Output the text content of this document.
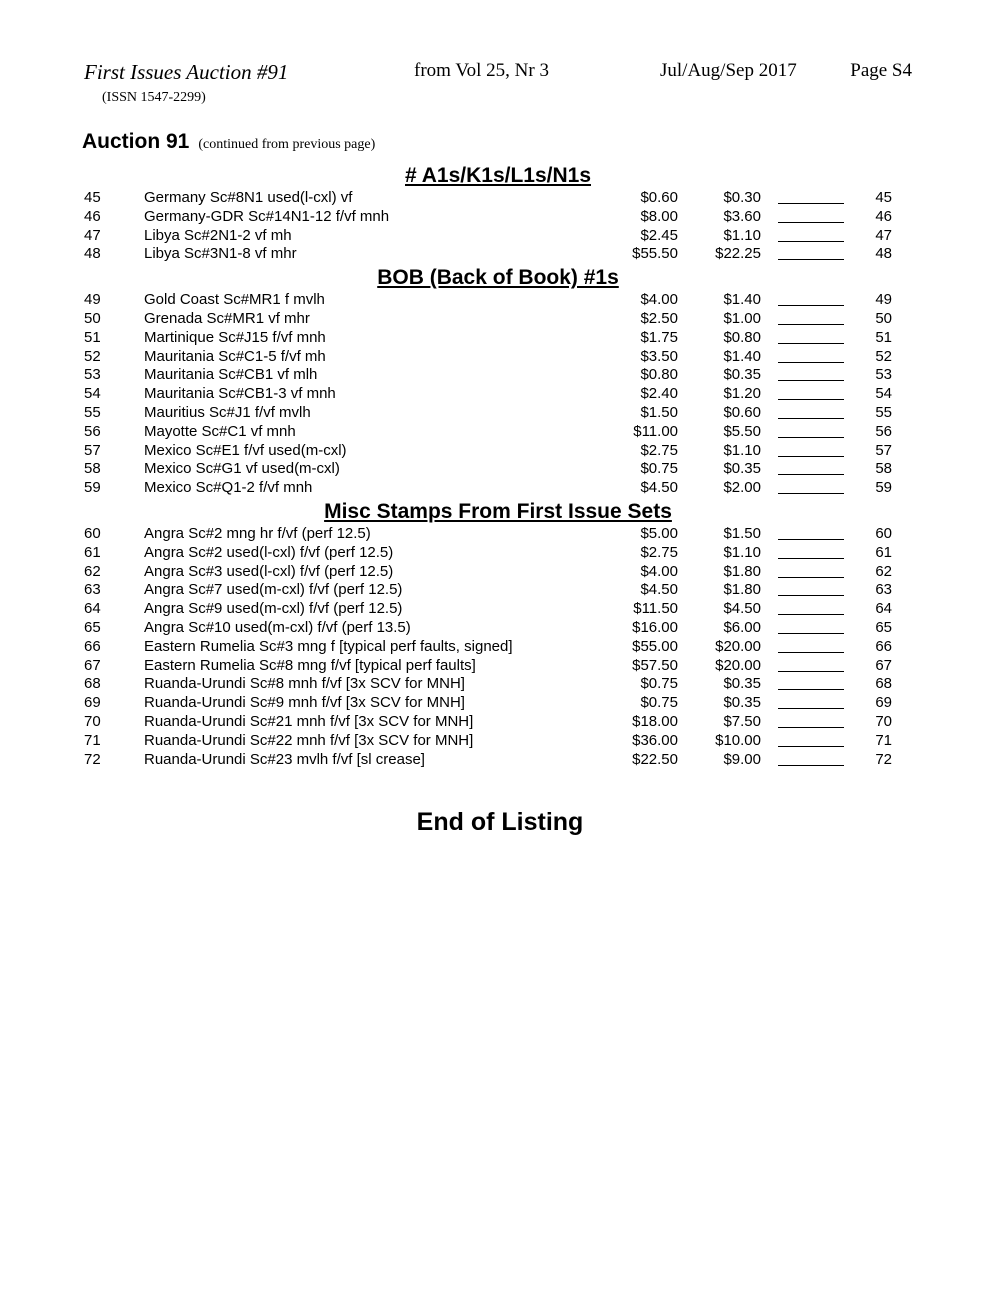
First Issues Auction #91	from Vol 25, Nr 3	Jul/Aug/Sep 2017	Page S4
(ISSN 1547-2299)
Auction 91 (continued from previous page)
# A1s/K1s/L1s/N1s
45	Germany Sc#8N1 used(l-cxl) vf	$0.60	$0.30	45
46	Germany-GDR Sc#14N1-12 f/vf mnh	$8.00	$3.60	46
47	Libya Sc#2N1-2 vf mh	$2.45	$1.10	47
48	Libya Sc#3N1-8 vf mhr	$55.50 $22.25	48
BOB (Back of Book) #1s
49	Gold Coast Sc#MR1 f mvlh	$4.00	$1.40	49
50	Grenada Sc#MR1 vf mhr	$2.50	$1.00	50
51	Martinique Sc#J15 f/vf mnh	$1.75	$0.80	51
52	Mauritania Sc#C1-5 f/vf mh	$3.50	$1.40	52
53	Mauritania Sc#CB1 vf mlh	$0.80	$0.35	53
54	Mauritania Sc#CB1-3 vf mnh	$2.40	$1.20	54
55	Mauritius Sc#J1 f/vf mvlh	$1.50	$0.60	55
56	Mayotte Sc#C1 vf mnh	$11.00	$5.50	56
57	Mexico Sc#E1 f/vf used(m-cxl)	$2.75	$1.10	57
58	Mexico Sc#G1 vf used(m-cxl)	$0.75	$0.35	58
59	Mexico Sc#Q1-2 f/vf mnh	$4.50	$2.00	59
Misc Stamps From First Issue Sets
60	Angra Sc#2 mng hr f/vf (perf 12.5)	$5.00	$1.50	60
61	Angra Sc#2 used(l-cxl) f/vf (perf 12.5)	$2.75	$1.10	61
62	Angra Sc#3 used(l-cxl) f/vf (perf 12.5)	$4.00	$1.80	62
63	Angra Sc#7 used(m-cxl) f/vf (perf 12.5)	$4.50	$1.80	63
64	Angra Sc#9 used(m-cxl) f/vf (perf 12.5)	$11.50	$4.50	64
65	Angra Sc#10 used(m-cxl) f/vf (perf 13.5)	$16.00	$6.00	65
66	Eastern Rumelia Sc#3 mng f [typical perf faults, signed]	$55.00 $20.00	66
67	Eastern Rumelia Sc#8 mng f/vf [typical perf faults]	$57.50 $20.00	67
68	Ruanda-Urundi Sc#8 mnh f/vf [3x SCV for MNH]	$0.75	$0.35	68
69	Ruanda-Urundi Sc#9 mnh f/vf [3x SCV for MNH]	$0.75	$0.35	69
70	Ruanda-Urundi Sc#21 mnh f/vf [3x SCV for MNH]	$18.00	$7.50	70
71	Ruanda-Urundi Sc#22 mnh f/vf [3x SCV for MNH]	$36.00 $10.00	71
72	Ruanda-Urundi Sc#23 mvlh f/vf [sl crease]	$22.50	$9.00	72
End of Listing
